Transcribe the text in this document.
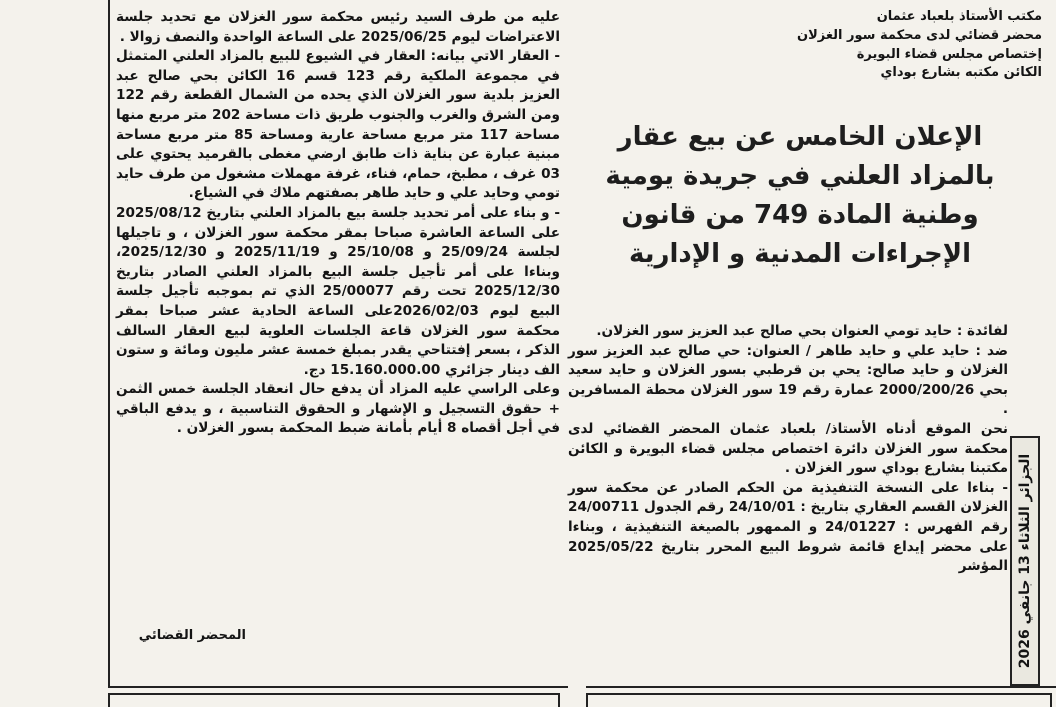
عليه من طرف السيد رئيس محكمة سور الغزلان مع تحديد جلسة الاعتراضات ليوم 2025/06/25 على الساعة الواحدة والنصف زوالا .

- العقار الاتي بيانه: العقار في الشيوع للبيع بالمزاد العلني المتمثل في مجموعة الملكية رقم 123 قسم 16 الكائن بحي صالح عبد العزيز بلدية سور الغزلان الذي يحده من الشمال القطعة رقم 122 ومن الشرق والغرب والجنوب طريق ذات مساحة 202 متر مربع منها مساحة 117 متر مربع مساحة عارية ومساحة 85 متر مربع مساحة مبنية عبارة عن بناية ذات طابق ارضي مغطى بالقرميد يحتوي على 03 غرف ، مطبخ، حمام، فناء، غرفة مهملات مشغول من طرف حايد تومي وحايد علي و حايد طاهر بصفتهم ملاك في الشياع.

- و بناء على أمر تحديد جلسة بيع بالمزاد العلني بتاريخ 2025/08/12 على الساعة العاشرة صباحا بمقر محكمة سور الغزلان ، و تاجيلها لجلسة 25/09/24 و 25/10/08 و 2025/11/19 و 2025/12/30، وبناءا على أمر تأجيل جلسة البيع بالمزاد العلني الصادر بتاريخ 2025/12/30 تحت رقم 25/00077 الذي تم بموجبه تأجيل جلسة البيع ليوم 2026/02/03على الساعة الحادية عشر صباحا بمقر محكمة سور الغزلان قاعة الجلسات العلوية لبيع العقار السالف الذكر ، بسعر إفتتاحي يقدر بمبلغ خمسة عشر مليون ومائة و ستون الف دينار جزائري 15.160.000.00 دج.

وعلى الراسي عليه المزاد أن يدفع حال انعقاد الجلسة خمس الثمن + حقوق التسجيل و الإشهار و الحقوق التناسبية ، و يدفع الباقي في أجل أقصاه 8 أيام بأمانة ضبط المحكمة بسور الغزلان .

المحضر القضائي

مكتب الأستاذ بلعباد عثمان

محضر قضائي لدى محكمة سور الغزلان

إختصاص مجلس قضاء البويرة

الكائن مكتبه بشارع بوداي

الإعلان الخامس عن بيع عقار بالمزاد العلني في جريدة يومية وطنية المادة 749 من قانون الإجراءات المدنية و الإدارية

لفائدة : حايد تومي العنوان بحي صالح عبد العزيز سور الغزلان.

ضد : حايد علي و حايد طاهر / العنوان: حي صالح عبد العزيز سور الغزلان و حايد صالح: يحي بن قرطبي بسور الغزلان و حايد سعيد بحي 2000/200/26 عمارة رقم 19 سور الغزلان محطة المسافرين .

نحن الموقع أدناه الأستاذ/ بلعباد عثمان المحضر القضائي لدى محكمة سور الغزلان دائرة اختصاص مجلس قضاء البويرة و الكائن مكتبنا بشارع بوداي سور الغزلان .

- بناءا على النسخة التنفيذية من الحكم الصادر عن محكمة سور الغزلان القسم العقاري بتاريخ : 24/10/01 رقم الجدول 24/00711 رقم الفهرس : 24/01227 و الممهور بالصيغة التنفيذية ، وبناءا على محضر إيداع قائمة شروط البيع المحرر بتاريخ 2025/05/22 المؤشر

الجزائر الثلاثاء 13 جانفي 2026
